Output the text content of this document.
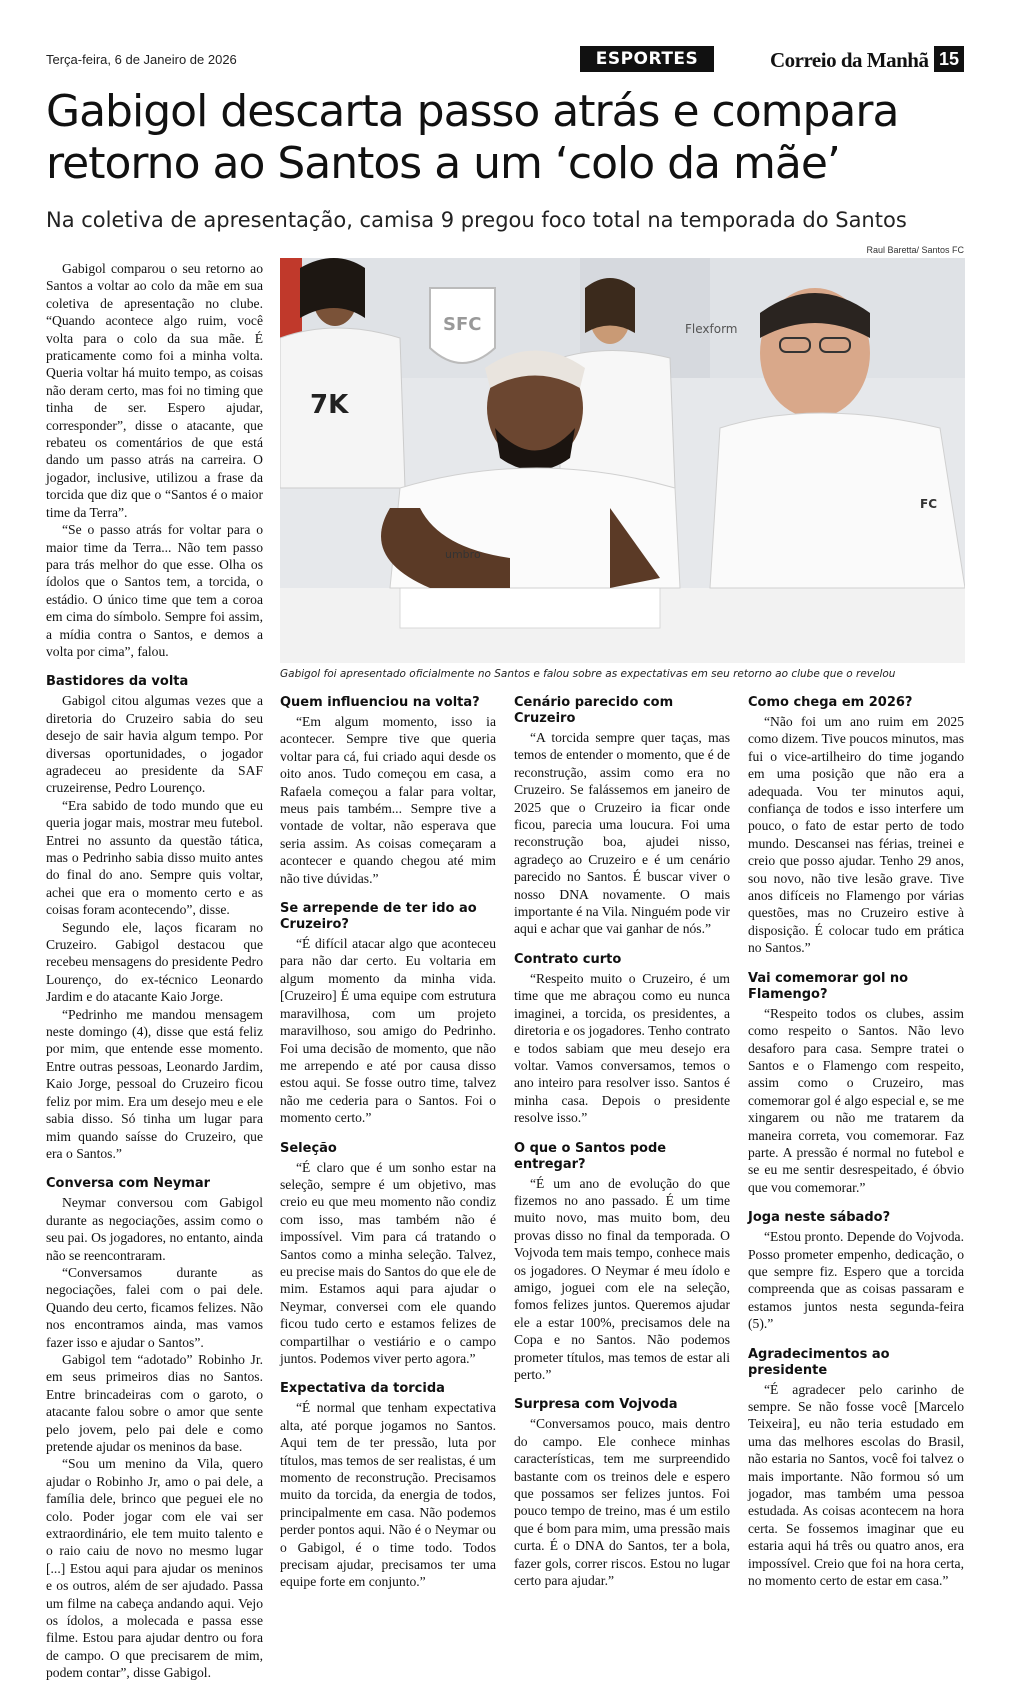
Terça-feira, 6 de Janeiro de 2026	ESPORTES	Correio da Manhã 15
Gabigol descarta passo atrás e compara retorno ao Santos a um ‘colo da mãe’

Na coletiva de apresentação, camisa 9 pregou foco total na temporada do Santos

Raul Baretta/ Santos FC
SFC
7K
Flexform
umbro
FC
Gabigol foi apresentado oficialmente no Santos e falou sobre as expectativas em seu retorno ao clube que o revelou

Gabigol comparou o seu retorno ao Santos a voltar ao colo da mãe em sua coletiva de apresentação no clube. “Quando acontece algo ruim, você volta para o colo da sua mãe. É praticamente como foi a minha volta. Queria voltar há muito tempo, as coisas não deram certo, mas foi no timing que tinha de ser. Espero ajudar, corresponder”, disse o atacante, que rebateu os comentários de que está dando um passo atrás na carreira. O jogador, inclusive, utilizou a frase da torcida que diz que o “Santos é o maior time da Terra”.

“Se o passo atrás for voltar para o maior time da Terra... Não tem passo para trás melhor do que esse. Olha os ídolos que o Santos tem, a torcida, o estádio. O único time que tem a coroa em cima do símbolo. Sempre foi assim, a mídia contra o Santos, e demos a volta por cima”, falou.

Bastidores da volta

Gabigol citou algumas vezes que a diretoria do Cruzeiro sabia do seu desejo de sair havia algum tempo. Por diversas oportunidades, o jogador agradeceu ao presidente da SAF cruzeirense, Pedro Lourenço.

“Era sabido de todo mundo que eu queria jogar mais, mostrar meu futebol. Entrei no assunto da questão tática, mas o Pedrinho sabia disso muito antes do final do ano. Sempre quis voltar, achei que era o momento certo e as coisas foram acontecendo”, disse.

Segundo ele, laços ficaram no Cruzeiro. Gabigol destacou que recebeu mensagens do presidente Pedro Lourenço, do ex-técnico Leonardo Jardim e do atacante Kaio Jorge.

“Pedrinho me mandou mensagem neste domingo (4), disse que está feliz por mim, que entende esse momento. Entre outras pessoas, Leonardo Jardim, Kaio Jorge, pessoal do Cruzeiro ficou feliz por mim. Era um desejo meu e ele sabia disso. Só tinha um lugar para mim quando saísse do Cruzeiro, que era o Santos.”

Conversa com Neymar

Neymar conversou com Gabigol durante as negociações, assim como o seu pai. Os jogadores, no entanto, ainda não se reencontraram.

“Conversamos durante as negociações, falei com o pai dele. Quando deu certo, ficamos felizes. Não nos encontramos ainda, mas vamos fazer isso e ajudar o Santos”.

Gabigol tem “adotado” Robinho Jr. em seus primeiros dias no Santos. Entre brincadeiras com o garoto, o atacante falou sobre o amor que sente pelo jovem, pelo pai dele e como pretende ajudar os meninos da base.

“Sou um menino da Vila, quero ajudar o Robinho Jr, amo o pai dele, a família dele, brinco que peguei ele no colo. Poder jogar com ele vai ser extraordinário, ele tem muito talento e o raio caiu de novo no mesmo lugar [...] Estou aqui para ajudar os meninos e os outros, além de ser ajudado. Passa um filme na cabeça andando aqui. Vejo os ídolos, a molecada e passa esse filme. Estou para ajudar dentro ou fora de campo. O que precisarem de mim, podem contar”, disse Gabigol.

Quem influenciou na volta?

“Em algum momento, isso ia acontecer. Sempre tive que queria voltar para cá, fui criado aqui desde os oito anos. Tudo começou em casa, a Rafaela começou a falar para voltar, meus pais também... Sempre tive a vontade de voltar, não esperava que seria assim. As coisas começaram a acontecer e quando chegou até mim não tive dúvidas.”

Se arrepende de ter ido ao Cruzeiro?

“É difícil atacar algo que aconteceu para não dar certo. Eu voltaria em algum momento da minha vida. [Cruzeiro] É uma equipe com estrutura maravilhosa, com um projeto maravilhoso, sou amigo do Pedrinho. Foi uma decisão de momento, que não me arrependo e até por causa disso estou aqui. Se fosse outro time, talvez não me cederia para o Santos. Foi o momento certo.”

Seleção

“É claro que é um sonho estar na seleção, sempre é um objetivo, mas creio eu que meu momento não condiz com isso, mas também não é impossível. Vim para cá tratando o Santos como a minha seleção. Talvez, eu precise mais do Santos do que ele de mim. Estamos aqui para ajudar o Neymar, conversei com ele quando ficou tudo certo e estamos felizes de compartilhar o vestiário e o campo juntos. Podemos viver perto agora.”

Expectativa da torcida

“É normal que tenham expectativa alta, até porque jogamos no Santos. Aqui tem de ter pressão, luta por títulos, mas temos de ser realistas, é um momento de reconstrução. Precisamos muito da torcida, da energia de todos, principalmente em casa. Não podemos perder pontos aqui. Não é o Neymar ou o Gabigol, é o time todo. Todos precisam ajudar, precisamos ter uma equipe forte em conjunto.”

Cenário parecido com Cruzeiro

“A torcida sempre quer taças, mas temos de entender o momento, que é de reconstrução, assim como era no Cruzeiro. Se falássemos em janeiro de 2025 que o Cruzeiro ia ficar onde ficou, parecia uma loucura. Foi uma reconstrução boa, ajudei nisso, agradeço ao Cruzeiro e é um cenário parecido no Santos. É buscar viver o nosso DNA novamente. O mais importante é na Vila. Ninguém pode vir aqui e achar que vai ganhar de nós.”

Contrato curto

“Respeito muito o Cruzeiro, é um time que me abraçou como eu nunca imaginei, a torcida, os presidentes, a diretoria e os jogadores. Tenho contrato e todos sabiam que meu desejo era voltar. Vamos conversamos, temos o ano inteiro para resolver isso. Santos é minha casa. Depois o presidente resolve isso.”

O que o Santos pode entregar?

“É um ano de evolução do que fizemos no ano passado. É um time muito novo, mas muito bom, deu provas disso no final da temporada. O Vojvoda tem mais tempo, conhece mais os jogadores. O Neymar é meu ídolo e amigo, joguei com ele na seleção, fomos felizes juntos. Queremos ajudar ele a estar 100%, precisamos dele na Copa e no Santos. Não podemos prometer títulos, mas temos de estar ali perto.”

Surpresa com Vojvoda

“Conversamos pouco, mais dentro do campo. Ele conhece minhas características, tem me surpreendido bastante com os treinos dele e espero que possamos ser felizes juntos. Foi pouco tempo de treino, mas é um estilo que é bom para mim, uma pressão mais curta. É o DNA do Santos, ter a bola, fazer gols, correr riscos. Estou no lugar certo para ajudar.”

Como chega em 2026?

“Não foi um ano ruim em 2025 como dizem. Tive poucos minutos, mas fui o vice-artilheiro do time jogando em uma posição que não era a adequada. Vou ter minutos aqui, confiança de todos e isso interfere um pouco, o fato de estar perto de todo mundo. Descansei nas férias, treinei e creio que posso ajudar. Tenho 29 anos, sou novo, não tive lesão grave. Tive anos difíceis no Flamengo por várias questões, mas no Cruzeiro estive à disposição. É colocar tudo em prática no Santos.”

Vai comemorar gol no Flamengo?

“Respeito todos os clubes, assim como respeito o Santos. Não levo desaforo para casa. Sempre tratei o Santos e o Flamengo com respeito, assim como o Cruzeiro, mas comemorar gol é algo especial e, se me xingarem ou não me tratarem da maneira correta, vou comemorar. Faz parte. A pressão é normal no futebol e se eu me sentir desrespeitado, é óbvio que vou comemorar.”

Joga neste sábado?

“Estou pronto. Depende do Vojvoda. Posso prometer empenho, dedicação, o que sempre fiz. Espero que a torcida compreenda que as coisas passaram e estamos juntos nesta segunda-feira (5).”

Agradecimentos ao presidente

“É agradecer pelo carinho de sempre. Se não fosse você [Marcelo Teixeira], eu não teria estudado em uma das melhores escolas do Brasil, não estaria no Santos, você foi talvez o mais importante. Não formou só um jogador, mas também uma pessoa estudada. As coisas acontecem na hora certa. Se fossemos imaginar que eu estaria aqui há três ou quatro anos, era impossível. Creio que foi na hora certa, no momento certo de estar em casa.”
